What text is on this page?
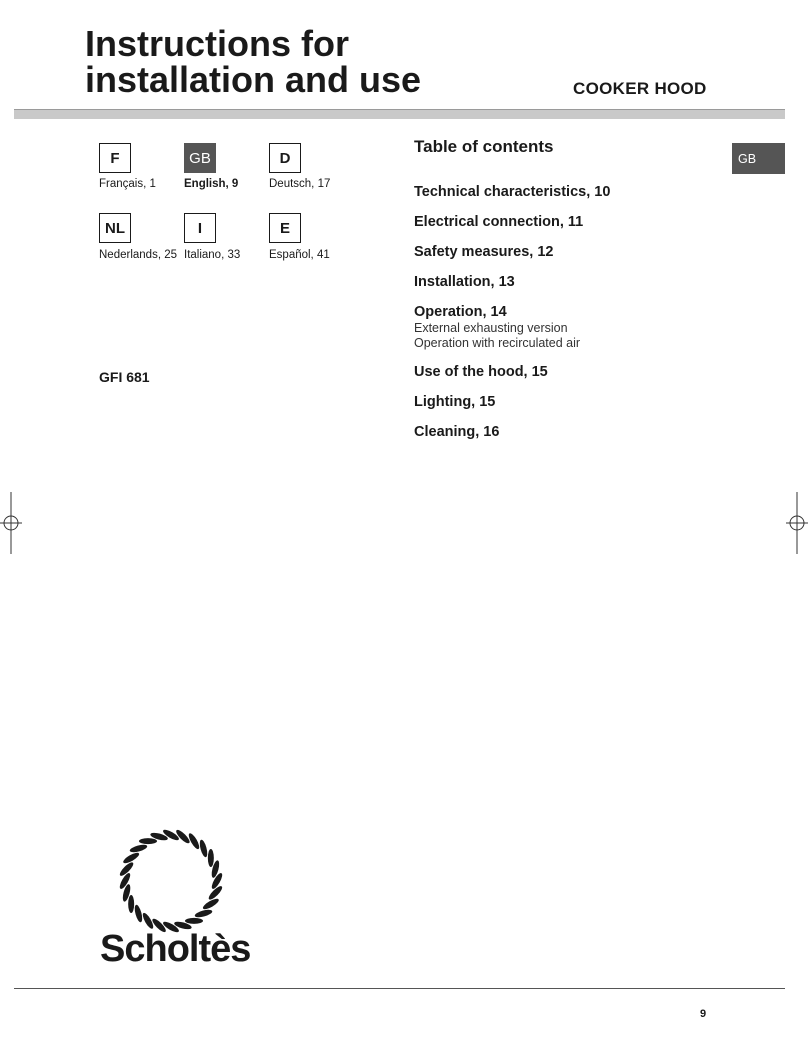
Instructions for
installation and use	COOKER HOOD
F
Français, 1
GB
English, 9
D
Deutsch, 17
NL
Nederlands, 25
I
Italiano, 33
E
Español, 41
GFI 681
Table of contents
Technical characteristics, 10
Electrical connection, 11
Safety measures, 12
Installation, 13
Operation, 14
External exhausting version
Operation with recirculated air
Use of the hood, 15
Lighting, 15
Cleaning, 16
GB
Scholtès
9
